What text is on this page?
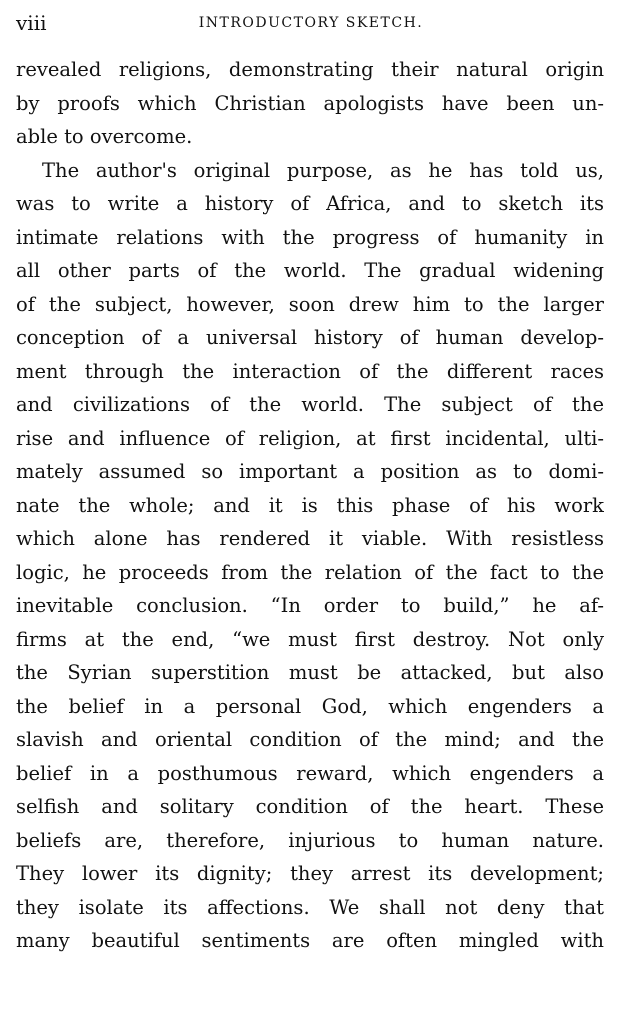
viii	INTRODUCTORY SKETCH.
revealed religions, demonstrating their natural origin
by proofs which Christian apologists have been un-
able to overcome.
The author's original purpose, as he has told us,
was to write a history of Africa, and to sketch its
intimate relations with the progress of humanity in
all other parts of the world. The gradual widening
of the subject, however, soon drew him to the larger
conception of a universal history of human develop-
ment through the interaction of the different races
and civilizations of the world. The subject of the
rise and influence of religion, at first incidental, ulti-
mately assumed so important a position as to domi-
nate the whole; and it is this phase of his work
which alone has rendered it viable. With resistless
logic, he proceeds from the relation of the fact to the
inevitable conclusion. “In order to build,” he af-
firms at the end, “we must first destroy. Not only
the Syrian superstition must be attacked, but also
the belief in a personal God, which engenders a
slavish and oriental condition of the mind; and the
belief in a posthumous reward, which engenders a
selfish and solitary condition of the heart. These
beliefs are, therefore, injurious to human nature.
They lower its dignity; they arrest its development;
they isolate its affections. We shall not deny that
many beautiful sentiments are often mingled with
